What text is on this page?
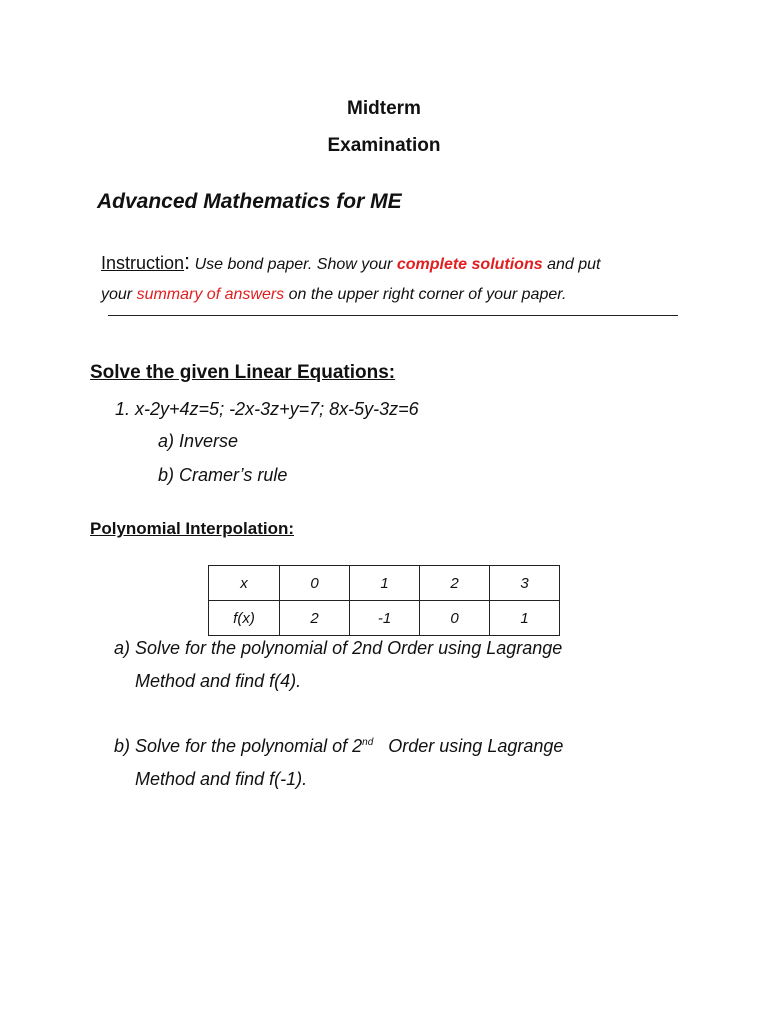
Midterm
Examination
Advanced Mathematics for ME
Instruction: Use bond paper. Show your complete solutions and put
your summary of answers on the upper right corner of your paper.
Solve the given Linear Equations:
1. x-2y+4z=5; -2x-3z+y=7; 8x-5y-3z=6
a) Inverse
b) Cramer’s rule
Polynomial Interpolation:
x	0	1	2	3
f(x)	2	-1	0	1
a) Solve for the polynomial of 2nd Order using Lagrange
Method and find f(4).
b) Solve for the polynomial of 2nd   Order using Lagrange
Method and find f(-1).
